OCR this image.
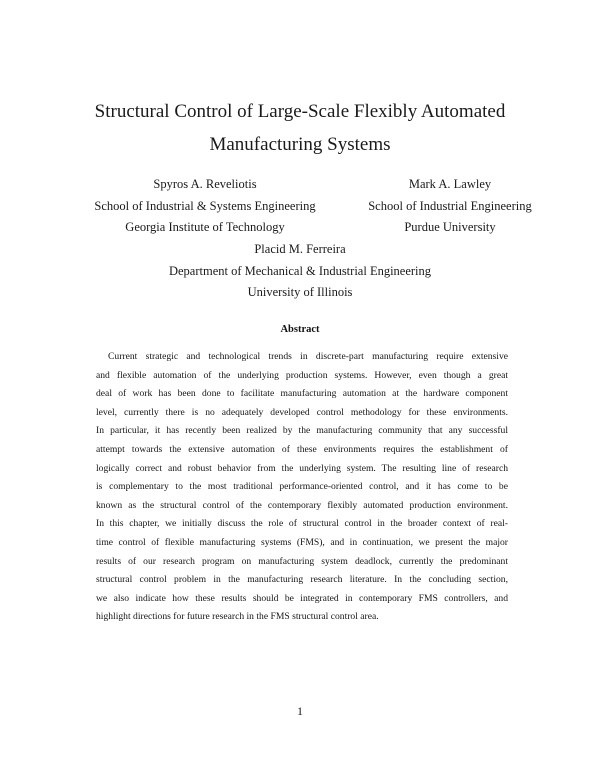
Structural Control of Large-Scale Flexibly Automated
Manufacturing Systems
Spyros A. Reveliotis
School of Industrial & Systems Engineering
Georgia Institute of Technology
Mark A. Lawley
School of Industrial Engineering
Purdue University
Placid M. Ferreira
Department of Mechanical & Industrial Engineering
University of Illinois
Abstract
Current strategic and technological trends in discrete-part manufacturing require extensive
and flexible automation of the underlying production systems. However, even though a great
deal of work has been done to facilitate manufacturing automation at the hardware component
level, currently there is no adequately developed control methodology for these environments.
In particular, it has recently been realized by the manufacturing community that any successful
attempt towards the extensive automation of these environments requires the establishment of
logically correct and robust behavior from the underlying system. The resulting line of research
is complementary to the most traditional performance-oriented control, and it has come to be
known as the structural control of the contemporary flexibly automated production environment.
In this chapter, we initially discuss the role of structural control in the broader context of real-
time control of flexible manufacturing systems (FMS), and in continuation, we present the major
results of our research program on manufacturing system deadlock, currently the predominant
structural control problem in the manufacturing research literature. In the concluding section,
we also indicate how these results should be integrated in contemporary FMS controllers, and
highlight directions for future research in the FMS structural control area.
1
